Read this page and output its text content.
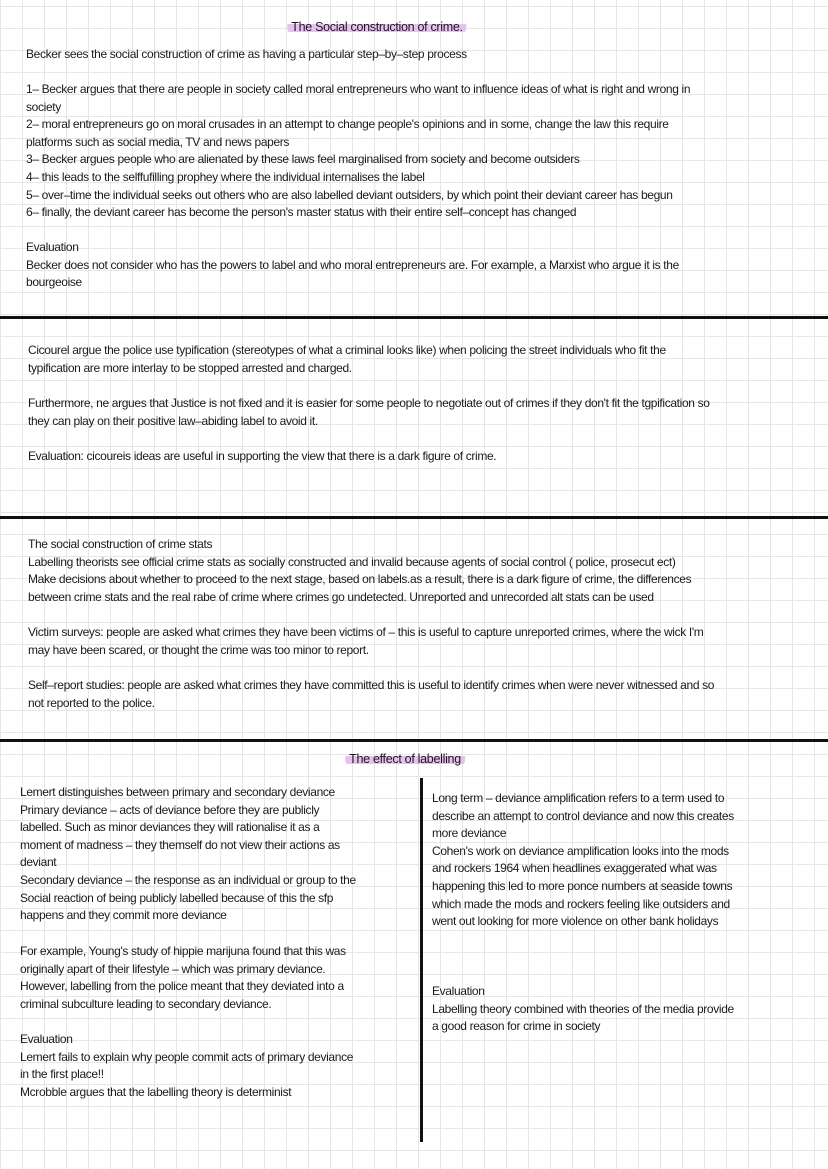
The Social construction of crime.
The effect of labelling
Becker sees the social construction of crime as having a particular step–by–step process
1– Becker argues that there are people in society called moral entrepreneurs who want to influence ideas of what is right and wrong in
society
2– moral entrepreneurs go on moral crusades in an attempt to change people's opinions and in some, change the law this require
platforms such as social media, TV and news papers
3– Becker argues people who are alienated by these laws feel marginalised from society and become outsiders
4– this leads to the selffufilling prophey where the individual internalises the label
5– over–time the individual seeks out others who are also labelled deviant outsiders, by which point their deviant career has begun
6– finally, the deviant career has become the person's master status with their entire self–concept has changed
Evaluation
Becker does not consider who has the powers to label and who moral entrepreneurs are. For example, a Marxist who argue it is the
bourgeoise
Cicourel argue the police use typification (stereotypes of what a criminal looks like) when policing the street individuals who fit the
typification are more interlay to be stopped arrested and charged.
Furthermore, ne argues that Justice is not fixed and it is easier for some people to negotiate out of crimes if they don't fit the tgpification so
they can play on their positive law–abiding label to avoid it.
Evaluation: cicoureis ideas are useful in supporting the view that there is a dark figure of crime.
The social construction of crime stats
Labelling theorists see official crime stats as socially constructed and invalid because agents of social control ( police, prosecut ect)
Make decisions about whether to proceed to the next stage, based on labels.as a result, there is a dark figure of crime, the differences
between crime stats and the real rabe of crime where crimes go undetected. Unreported and unrecorded alt stats can be used
Victim surveys: people are asked what crimes they have been victims of – this is useful to capture unreported crimes, where the wick I'm
may have been scared, or thought the crime was too minor to report.
Self–report studies: people are asked what crimes they have committed this is useful to identify crimes when were never witnessed and so
not reported to the police.
Lemert distinguishes between primary and secondary deviance
Primary deviance – acts of deviance before they are publicly
labelled. Such as minor deviances they will rationalise it as a
moment of madness – they themself do not view their actions as
deviant
Secondary deviance – the response as an individual or group to the
Social reaction of being publicly labelled because of this the sfp
happens and they commit more deviance
For example, Young's study of hippie marijuna found that this was
originally apart of their lifestyle – which was primary deviance.
However, labelling from the police meant that they deviated into a
criminal subculture leading to secondary deviance.
Evaluation
Lemert fails to explain why people commit acts of primary deviance
in the first place!!
Mcrobble argues that the labelling theory is determinist
Long term – deviance amplification refers to a term used to
describe an attempt to control deviance and now this creates
more deviance
Cohen's work on deviance amplification looks into the mods
and rockers 1964 when headlines exaggerated what was
happening this led to more ponce numbers at seaside towns
which made the mods and rockers feeling like outsiders and
went out looking for more violence on other bank holidays
Evaluation
Labelling theory combined with theories of the media provide
a good reason for crime in society
